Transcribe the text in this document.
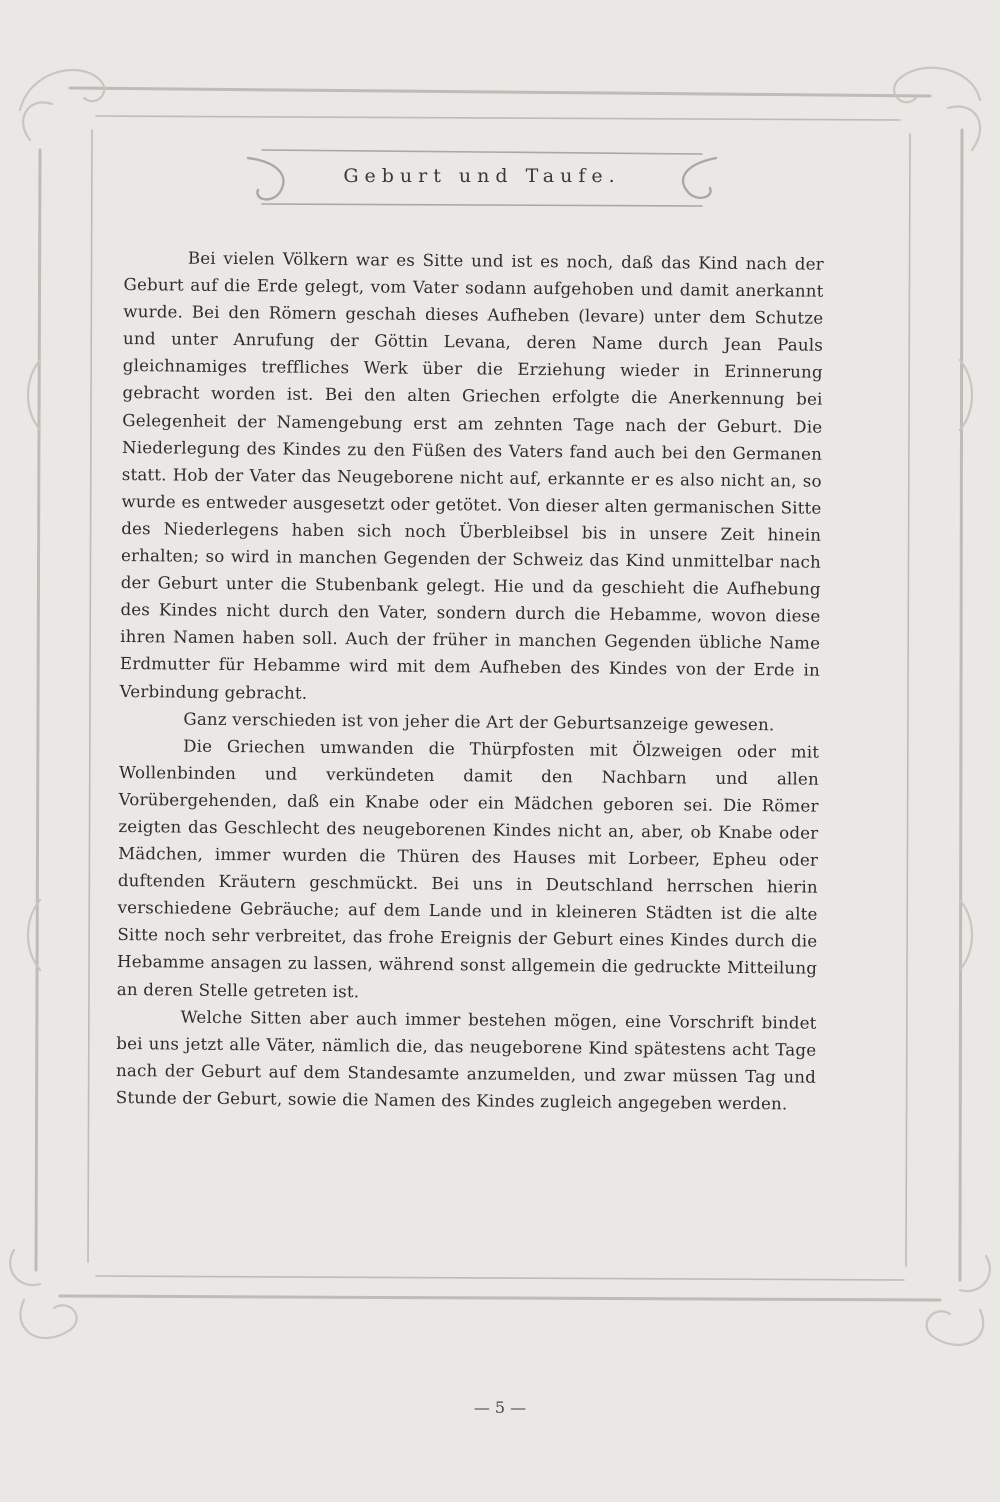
Geburt und Taufe.

Bei vielen Völkern war es Sitte und ist es noch, daß das Kind nach der Geburt auf die Erde gelegt, vom Vater sodann aufgehoben und damit anerkannt wurde. Bei den Römern geschah dieses Aufheben (levare) unter dem Schutze und unter Anrufung der Göttin Levana, deren Name durch Jean Pauls gleichnamiges treffliches Werk über die Erziehung wieder in Erinnerung gebracht worden ist. Bei den alten Griechen erfolgte die Anerkennung bei Gelegenheit der Namengebung erst am zehnten Tage nach der Geburt. Die Niederlegung des Kindes zu den Füßen des Vaters fand auch bei den Germanen statt. Hob der Vater das Neugeborene nicht auf, erkannte er es also nicht an, so wurde es entweder ausgesetzt oder getötet. Von dieser alten germanischen Sitte des Niederlegens haben sich noch Überbleibsel bis in unsere Zeit hinein erhalten; so wird in manchen Gegenden der Schweiz das Kind unmittelbar nach der Geburt unter die Stubenbank gelegt. Hie und da geschieht die Aufhebung des Kindes nicht durch den Vater, sondern durch die Hebamme, wovon diese ihren Namen haben soll. Auch der früher in manchen Gegenden übliche Name Erdmutter für Hebamme wird mit dem Aufheben des Kindes von der Erde in Verbindung gebracht.

Ganz verschieden ist von jeher die Art der Geburtsanzeige gewesen.

Die Griechen umwanden die Thürpfosten mit Ölzweigen oder mit Wollenbinden und verkündeten damit den Nachbarn und allen Vorübergehenden, daß ein Knabe oder ein Mädchen geboren sei. Die Römer zeigten das Geschlecht des neugeborenen Kindes nicht an, aber, ob Knabe oder Mädchen, immer wurden die Thüren des Hauses mit Lorbeer, Epheu oder duftenden Kräutern geschmückt. Bei uns in Deutschland herrschen hierin verschiedene Gebräuche; auf dem Lande und in kleineren Städten ist die alte Sitte noch sehr verbreitet, das frohe Ereignis der Geburt eines Kindes durch die Hebamme ansagen zu lassen, während sonst allgemein die gedruckte Mitteilung an deren Stelle getreten ist.

Welche Sitten aber auch immer bestehen mögen, eine Vorschrift bindet bei uns jetzt alle Väter, nämlich die, das neugeborene Kind spätestens acht Tage nach der Geburt auf dem Standesamte anzumelden, und zwar müssen Tag und Stunde der Geburt, sowie die Namen des Kindes zugleich angegeben werden.

— 5 —
